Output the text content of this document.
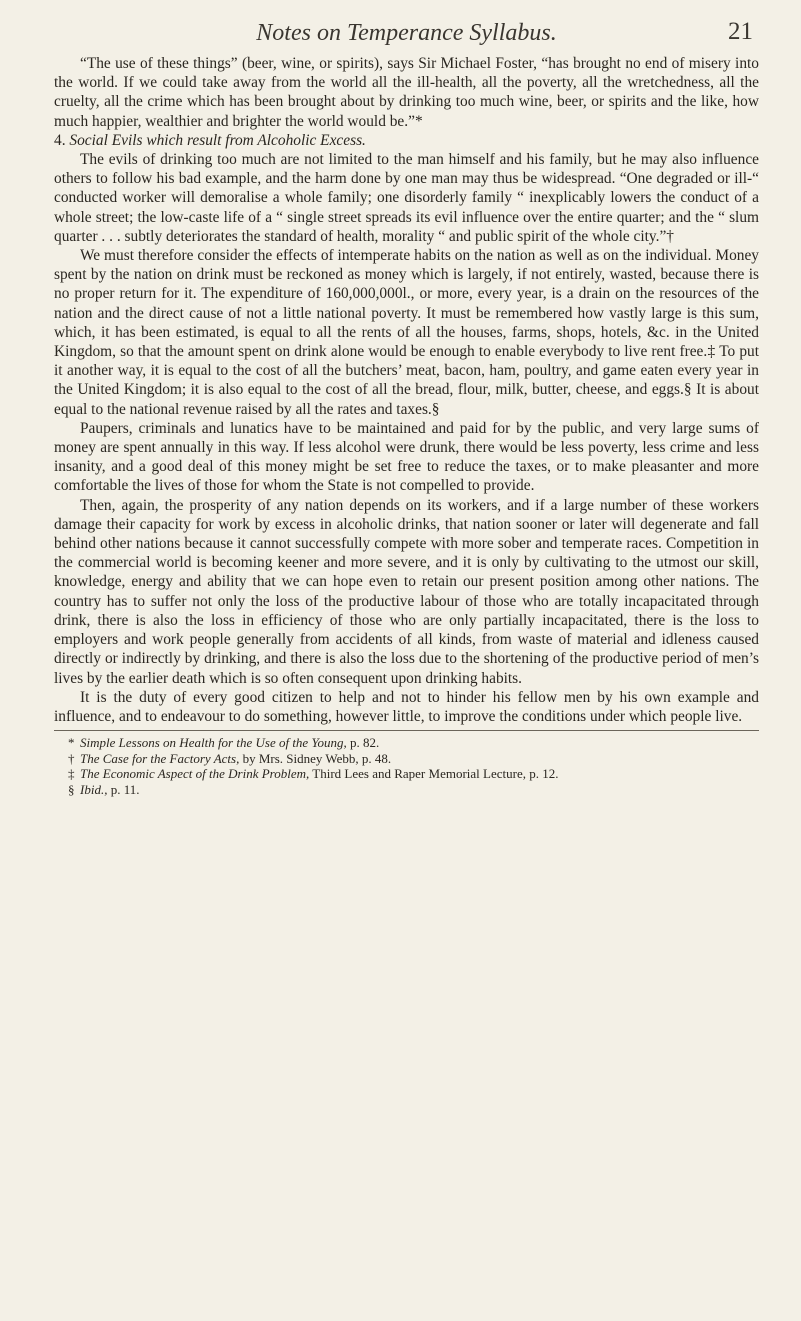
Notes on Temperance Syllabus.	21

“The use of these things” (beer, wine, or spirits), says Sir Michael Foster, “has brought no end of misery into the world. If we could take away from the world all the ill-health, all the poverty, all the wretchedness, all the cruelty, all the crime which has been brought about by drinking too much wine, beer, or spirits and the like, how much happier, wealthier and brighter the world would be.”*

4. Social Evils which result from Alcoholic Excess.

The evils of drinking too much are not limited to the man himself and his family, but he may also influence others to follow his bad example, and the harm done by one man may thus be widespread. “One degraded or ill-“ conducted worker will demoralise a whole family; one disorderly family “ inexplicably lowers the conduct of a whole street; the low-caste life of a “ single street spreads its evil influence over the entire quarter; and the “ slum quarter . . . subtly deteriorates the standard of health, morality “ and public spirit of the whole city.”†

We must therefore consider the effects of intemperate habits on the nation as well as on the individual. Money spent by the nation on drink must be reckoned as money which is largely, if not entirely, wasted, because there is no proper return for it. The expenditure of 160,000,000l., or more, every year, is a drain on the resources of the nation and the direct cause of not a little national poverty. It must be remembered how vastly large is this sum, which, it has been estimated, is equal to all the rents of all the houses, farms, shops, hotels, &c. in the United Kingdom, so that the amount spent on drink alone would be enough to enable everybody to live rent free.‡ To put it another way, it is equal to the cost of all the butchers’ meat, bacon, ham, poultry, and game eaten every year in the United Kingdom; it is also equal to the cost of all the bread, flour, milk, butter, cheese, and eggs.§ It is about equal to the national revenue raised by all the rates and taxes.§

Paupers, criminals and lunatics have to be maintained and paid for by the public, and very large sums of money are spent annually in this way. If less alcohol were drunk, there would be less poverty, less crime and less insanity, and a good deal of this money might be set free to reduce the taxes, or to make pleasanter and more comfortable the lives of those for whom the State is not compelled to provide.

Then, again, the prosperity of any nation depends on its workers, and if a large number of these workers damage their capacity for work by excess in alcoholic drinks, that nation sooner or later will degenerate and fall behind other nations because it cannot successfully compete with more sober and temperate races. Competition in the commercial world is becoming keener and more severe, and it is only by cultivating to the utmost our skill, knowledge, energy and ability that we can hope even to retain our present position among other nations. The country has to suffer not only the loss of the productive labour of those who are totally incapacitated through drink, there is also the loss in efficiency of those who are only partially incapacitated, there is the loss to employers and work people generally from accidents of all kinds, from waste of material and idleness caused directly or indirectly by drinking, and there is also the loss due to the shortening of the productive period of men’s lives by the earlier death which is so often consequent upon drinking habits.

It is the duty of every good citizen to help and not to hinder his fellow men by his own example and influence, and to endeavour to do something, however little, to improve the conditions under which people live.

* Simple Lessons on Health for the Use of the Young, p. 82.

† The Case for the Factory Acts, by Mrs. Sidney Webb, p. 48.

‡ The Economic Aspect of the Drink Problem, Third Lees and Raper Memorial Lecture, p. 12.

§ Ibid., p. 11.
